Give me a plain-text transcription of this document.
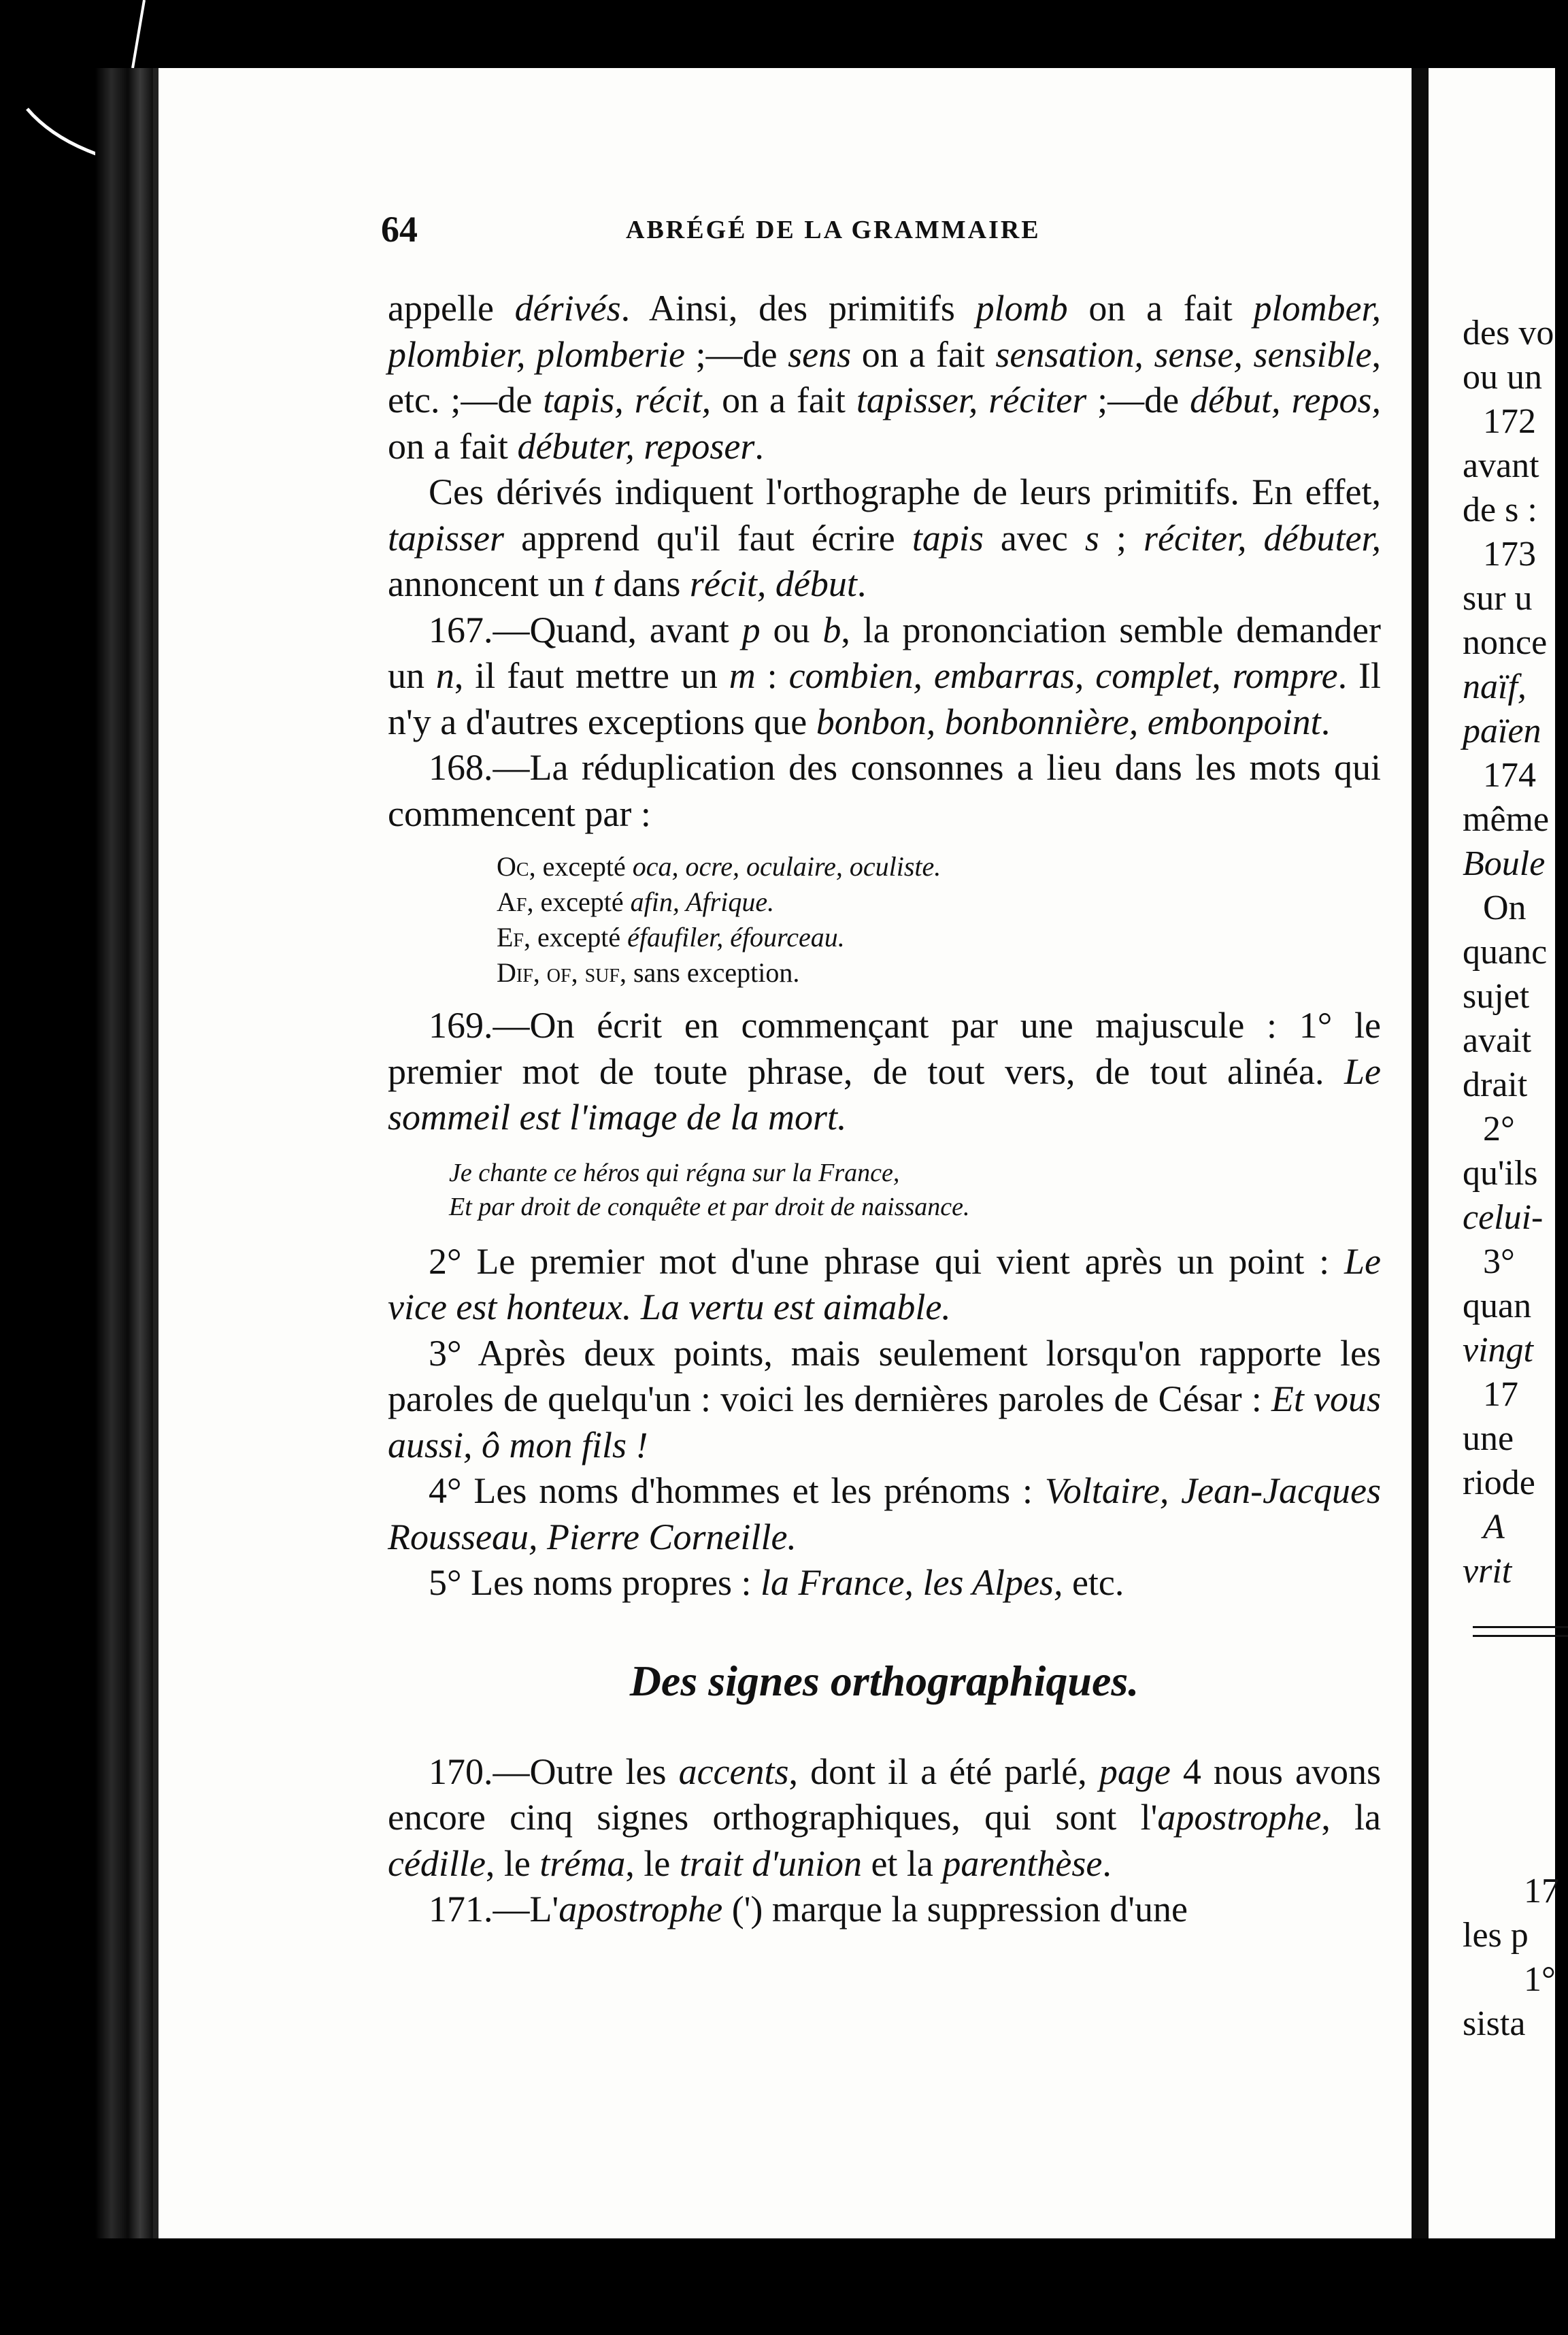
64	ABRÉGÉ DE LA GRAMMAIRE

appelle dérivés. Ainsi, des primitifs plomb on a fait plomber, plombier, plomberie ;—de sens on a fait sensation, sense, sensible, etc. ;—de tapis, récit, on a fait tapisser, réciter ;—de début, repos, on a fait débuter, reposer.

Ces dérivés indiquent l'orthographe de leurs primitifs. En effet, tapisser apprend qu'il faut écrire tapis avec s ; réciter, débuter, annoncent un t dans récit, début.

167.—Quand, avant p ou b, la prononciation semble demander un n, il faut mettre un m : combien, embarras, complet, rompre. Il n'y a d'autres exceptions que bonbon, bonbonnière, embonpoint.

168.—La réduplication des consonnes a lieu dans les mots qui commencent par :

Oc, excepté oca, ocre, oculaire, oculiste.
Af, excepté afin, Afrique.
Ef, excepté éfaufiler, éfourceau.
Dif, of, suf, sans exception.

169.—On écrit en commençant par une majuscule : 1° le premier mot de toute phrase, de tout vers, de tout alinéa. Le sommeil est l'image de la mort.

Je chante ce héros qui régna sur la France,
Et par droit de conquête et par droit de naissance.

2° Le premier mot d'une phrase qui vient après un point : Le vice est honteux. La vertu est aimable.

3° Après deux points, mais seulement lorsqu'on rapporte les paroles de quelqu'un : voici les dernières paroles de César : Et vous aussi, ô mon fils !

4° Les noms d'hommes et les prénoms : Voltaire, Jean-Jacques Rousseau, Pierre Corneille.

5° Les noms propres : la France, les Alpes, etc.

Des signes orthographiques.

170.—Outre les accents, dont il a été parlé, page 4 nous avons encore cinq signes orthographiques, qui sont l'apostrophe, la cédille, le tréma, le trait d'union et la parenthèse.

171.—L'apostrophe (') marque la suppression d'une

des vo
ou un
172
avant
de s :
173
sur u
nonce
naïf,
païen
174
même
Boule
On
quanc
sujet
avait
drait
2°
qu'ils
celui-
3°
quan
vingt
17
une
riode
A
vrit
17
les p
1°
sista
